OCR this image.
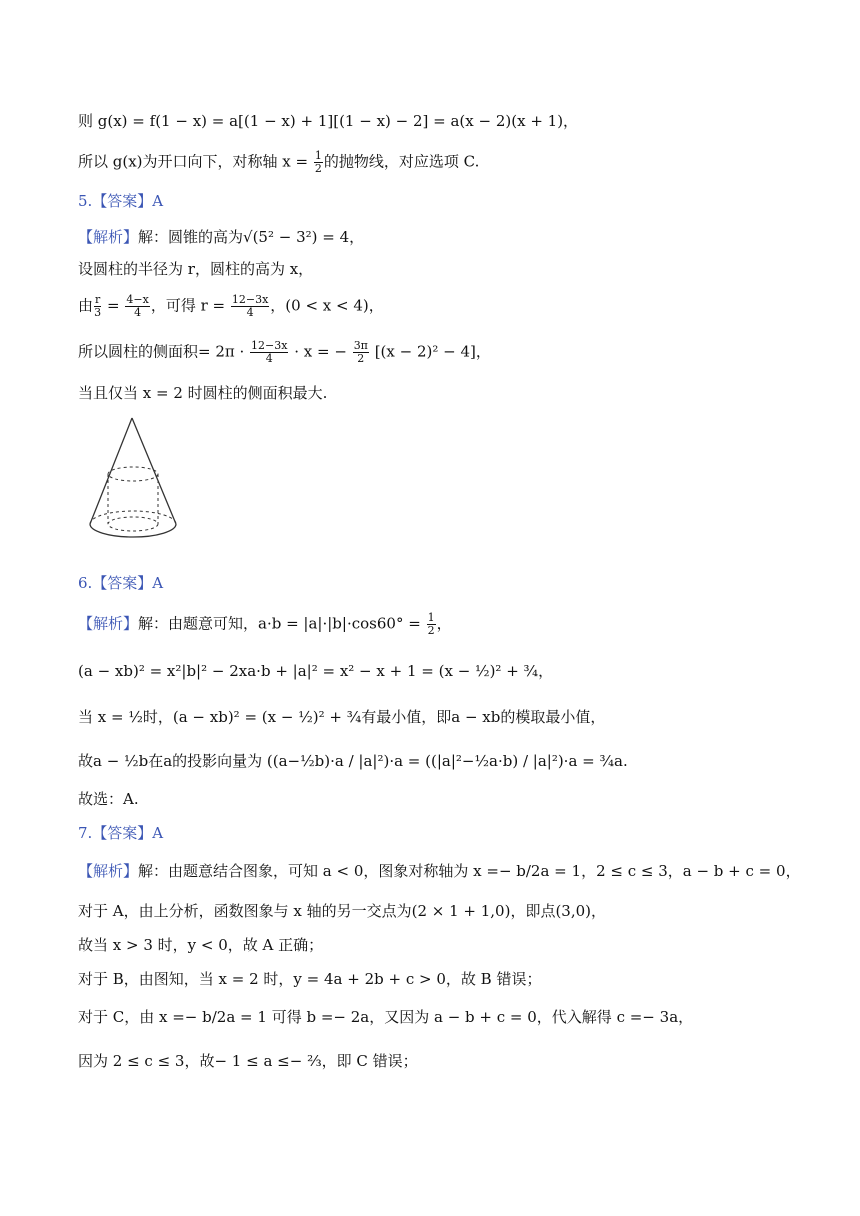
则 g(x) = f(1 − x) = a[(1 − x) + 1][(1 − x) − 2] = a(x − 2)(x + 1)，
所以 g(x)为开口向下，对称轴 $x = \frac{1}{2}$ 的抛物线，对应选项 C.
5.【答案】A
【解析】解：圆锥的高为√(5² − 3²) = 4，
设圆柱的半径为 r，圆柱的高为 x，
由 $\frac{r}{3} = \frac{4-x}{4}$ ，可得 $r = \frac{12-3x}{4}$ ，(0 < x < 4)，
所以圆柱的侧面积= $2\pi \cdot \frac{12-3x}{4} \cdot x$ = − $\frac{3\pi}{2} [(x - 2)^2 - 4]$，
当且仅当 x = 2 时圆柱的侧面积最大.
6.【答案】A
【解析】解：由题意可知，$a\cdot b = |a|\cdot|b|\cdot\cos 60^\circ = \frac{1}{2}$ ，
(a − xb)² = x²|b|² − 2xa·b + |a|² = x² − x + 1 = (x − ½)² + ¾，
当 x = ½时，(a − xb)² = (x − ½)² + ¾有最小值，即a − xb的模取最小值，
故a − ½b在a的投影向量为 ((a−½b)·a / |a|²)·a = ((|a|²−½a·b) / |a|²)·a = ¾a.
故选：A.
7.【答案】A
【解析】解：由题意结合图象，可知 a < 0，图象对称轴为 x =− b/2a = 1，2 ≤ c ≤ 3，a − b + c = 0，
对于 A，由上分析，函数图象与 x 轴的另一交点为(2 × 1 + 1,0)，即点(3,0)，
故当 x > 3 时，y < 0，故 A 正确；
对于 B，由图知，当 x = 2 时，y = 4a + 2b + c > 0，故 B 错误；
对于 C，由 x =− b/2a = 1 可得 b =− 2a，又因为 a − b + c = 0，代入解得 c =− 3a，
因为 2 ≤ c ≤ 3，故− 1 ≤ a ≤− ⅔，即 C 错误；
